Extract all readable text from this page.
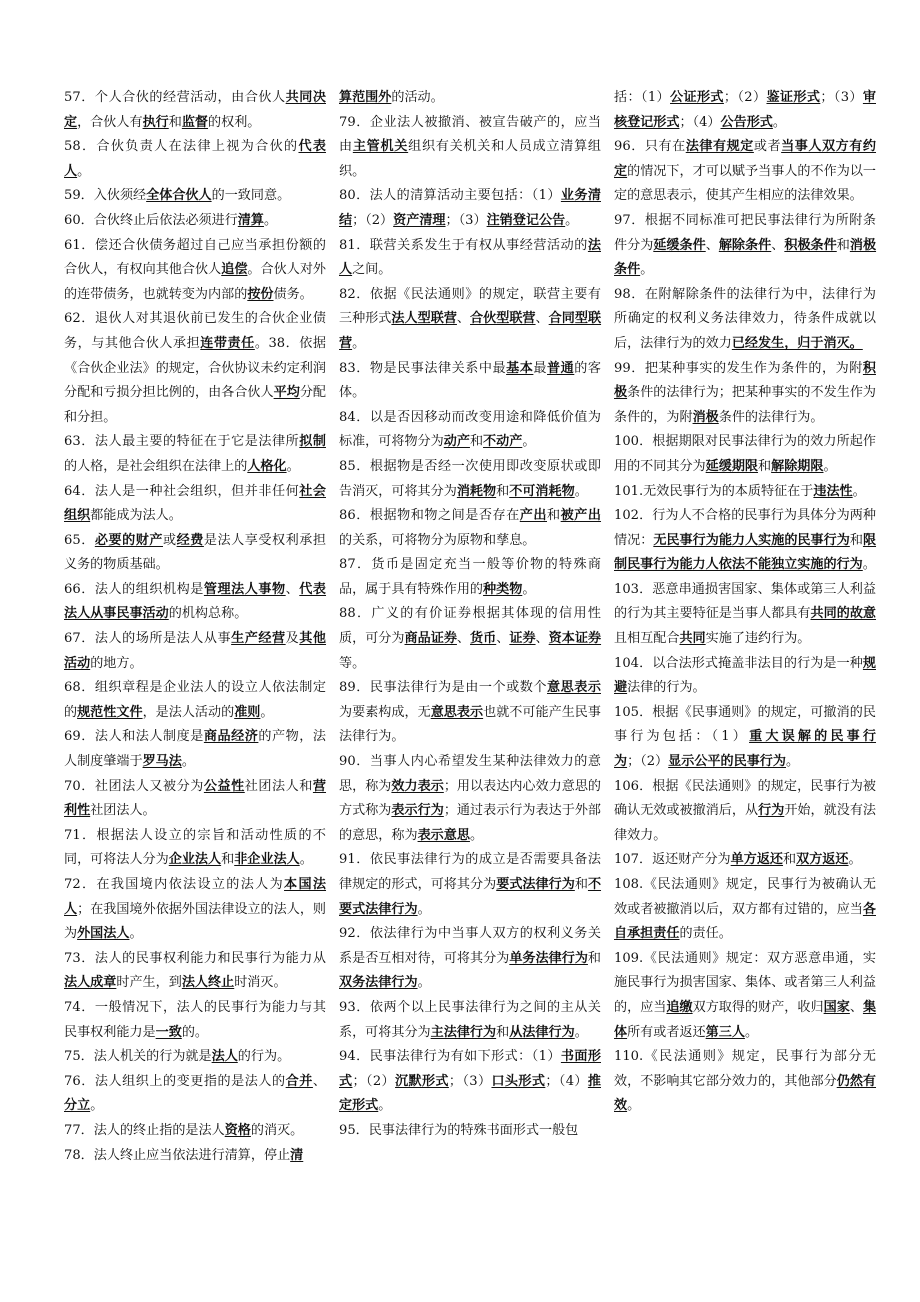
57．个人合伙的经营活动，由合伙人共同决定，合伙人有执行和监督的权利。

58．合伙负责人在法律上视为合伙的代表人。

59．入伙须经全体合伙人的一致同意。

60．合伙终止后依法必须进行清算。

61．偿还合伙债务超过自己应当承担份额的合伙人，有权向其他合伙人追偿。合伙人对外的连带债务，也就转变为内部的按份债务。

62．退伙人对其退伙前已发生的合伙企业债务，与其他合伙人承担连带责任。38．依据《合伙企业法》的规定，合伙协议未约定利润分配和亏损分担比例的，由各合伙人平均分配和分担。

63．法人最主要的特征在于它是法律所拟制的人格，是社会组织在法律上的人格化。

64．法人是一种社会组织，但并非任何社会组织都能成为法人。

65．必要的财产或经费是法人享受权利承担义务的物质基础。

66．法人的组织机构是管理法人事物、代表法人从事民事活动的机构总称。

67．法人的场所是法人从事生产经营及其他活动的地方。

68．组织章程是企业法人的设立人依法制定的规范性文件，是法人活动的准则。

69．法人和法人制度是商品经济的产物，法人制度肇端于罗马法。

70．社团法人又被分为公益性社团法人和营利性社团法人。

71．根据法人设立的宗旨和活动性质的不同，可将法人分为企业法人和非企业法人。

72．在我国境内依法设立的法人为本国法人；在我国境外依据外国法律设立的法人，则为外国法人。

73．法人的民事权利能力和民事行为能力从法人成章时产生，到法人终止时消灭。

74．一般情况下，法人的民事行为能力与其民事权利能力是一致的。

75．法人机关的行为就是法人的行为。

76．法人组织上的变更指的是法人的合并、分立。

77．法人的终止指的是法人资格的消灭。

78．法人终止应当依法进行清算，停止清

算范围外的活动。

79．企业法人被撤消、被宣告破产的，应当由主管机关组织有关机关和人员成立清算组织。

80．法人的清算活动主要包括：（1）业务清结；（2）资产清理；（3）注销登记公告。

81．联营关系发生于有权从事经营活动的法人之间。

82．依据《民法通则》的规定，联营主要有三种形式法人型联营、合伙型联营、合同型联营。

83．物是民事法律关系中最基本最普通的客体。

84．以是否因移动而改变用途和降低价值为标准，可将物分为动产和不动产。

85．根据物是否经一次使用即改变原状或即告消灭，可将其分为消耗物和不可消耗物。

86．根据物和物之间是否存在产出和被产出的关系，可将物分为原物和孳息。

87．货币是固定充当一般等价物的特殊商品，属于具有特殊作用的种类物。

88．广义的有价证券根据其体现的信用性质，可分为商品证券、货币、证券、资本证券等。

89．民事法律行为是由一个或数个意思表示为要素构成，无意思表示也就不可能产生民事法律行为。

90．当事人内心希望发生某种法律效力的意思，称为效力表示；用以表达内心效力意思的方式称为表示行为；通过表示行为表达于外部的意思，称为表示意思。

91．依民事法律行为的成立是否需要具备法律规定的形式，可将其分为要式法律行为和不要式法律行为。

92．依法律行为中当事人双方的权利义务关系是否互相对待，可将其分为单务法律行为和双务法律行为。

93．依两个以上民事法律行为之间的主从关系，可将其分为主法律行为和从法律行为。

94．民事法律行为有如下形式：（1）书面形式；（2）沉默形式；（3）口头形式；（4）推定形式。

95．民事法律行为的特殊书面形式一般包

括：（1）公证形式；（2）鉴证形式；（3）审核登记形式；（4）公告形式。

96．只有在法律有规定或者当事人双方有约定的情况下，才可以赋予当事人的不作为以一定的意思表示，使其产生相应的法律效果。

97．根据不同标准可把民事法律行为所附条件分为延缓条件、解除条件、积极条件和消极条件。

98．在附解除条件的法律行为中，法律行为所确定的权利义务法律效力，待条件成就以后，法律行为的效力已经发生，归于消灭。

99．把某种事实的发生作为条件的，为附积极条件的法律行为；把某种事实的不发生作为条件的，为附消极条件的法律行为。

100．根据期限对民事法律行为的效力所起作用的不同其分为延缓期限和解除期限。

101.无效民事行为的本质特征在于违法性。

102．行为人不合格的民事行为具体分为两种情况：无民事行为能力人实施的民事行为和限制民事行为能力人依法不能独立实施的行为。

103．恶意串通损害国家、集体或第三人利益的行为其主要特征是当事人都具有共同的故意且相互配合共同实施了违约行为。

104．以合法形式掩盖非法目的行为是一种规避法律的行为。

105．根据《民事通则》的规定，可撤消的民事行为包括：（1）重大误解的民事行为；（2）显示公平的民事行为。

106．根据《民法通则》的规定，民事行为被确认无效或被撤消后，从行为开始，就没有法律效力。

107．返还财产分为单方返还和双方返还。

108.《民法通则》规定，民事行为被确认无效或者被撤消以后，双方都有过错的，应当各自承担责任的责任。

109.《民法通则》规定：双方恶意串通，实施民事行为损害国家、集体、或者第三人利益的，应当追缴双方取得的财产，收归国家、集体所有或者返还第三人。

110.《民法通则》规定，民事行为部分无效，不影响其它部分效力的，其他部分仍然有效。
